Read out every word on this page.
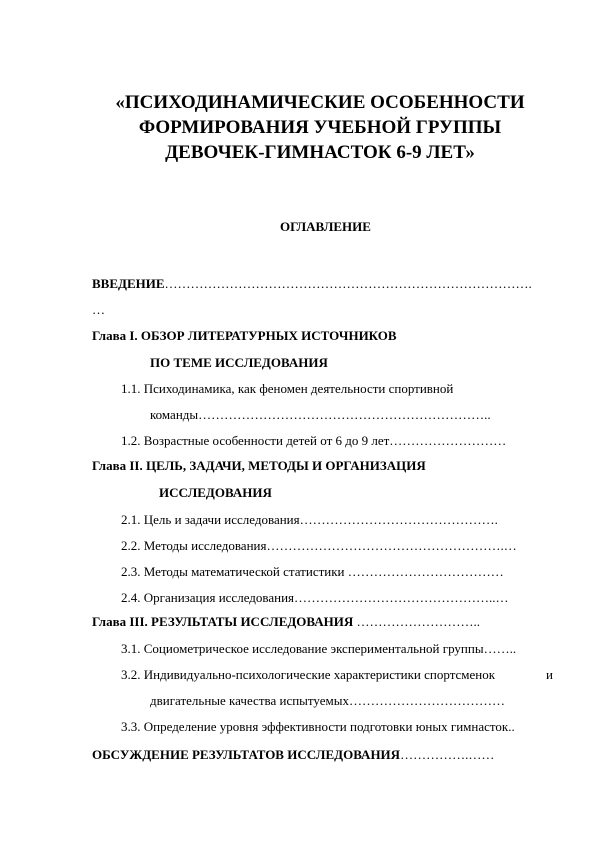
«ПСИХОДИНАМИЧЕСКИЕ ОСОБЕННОСТИ
ФОРМИРОВАНИЯ УЧЕБНОЙ ГРУППЫ
ДЕВОЧЕК-ГИМНАСТОК 6-9 ЛЕТ»
ОГЛАВЛЕНИЕ
ВВЕДЕНИЕ………………………………………………………………………….
…
Глава I. ОБЗОР ЛИТЕРАТУРНЫХ ИСТОЧНИКОВ
ПО ТЕМЕ ИССЛЕДОВАНИЯ
1.1. Психодинамика, как феномен деятельности спортивной
команды…………………………………………………………..
1.2. Возрастные особенности детей от 6 до 9 лет………………………
Глава II. ЦЕЛЬ, ЗАДАЧИ, МЕТОДЫ И ОРГАНИЗАЦИЯ
ИССЛЕДОВАНИЯ
2.1. Цель и задачи исследования……………………………………….
2.2. Методы исследования……………………………………………….…
2.3. Методы математической статистики ………………………………
2.4. Организация исследования………………………………………..…
Глава III. РЕЗУЛЬТАТЫ ИССЛЕДОВАНИЯ ………………………..
3.1. Социометрическое исследование экспериментальной группы……..
3.2. Индивидуально-психологические характеристики спортсменок	и
двигательные качества испытуемых………………………………
3.3. Определение уровня эффективности подготовки юных гимнасток..
ОБСУЖДЕНИЕ РЕЗУЛЬТАТОВ ИССЛЕДОВАНИЯ…………….……
